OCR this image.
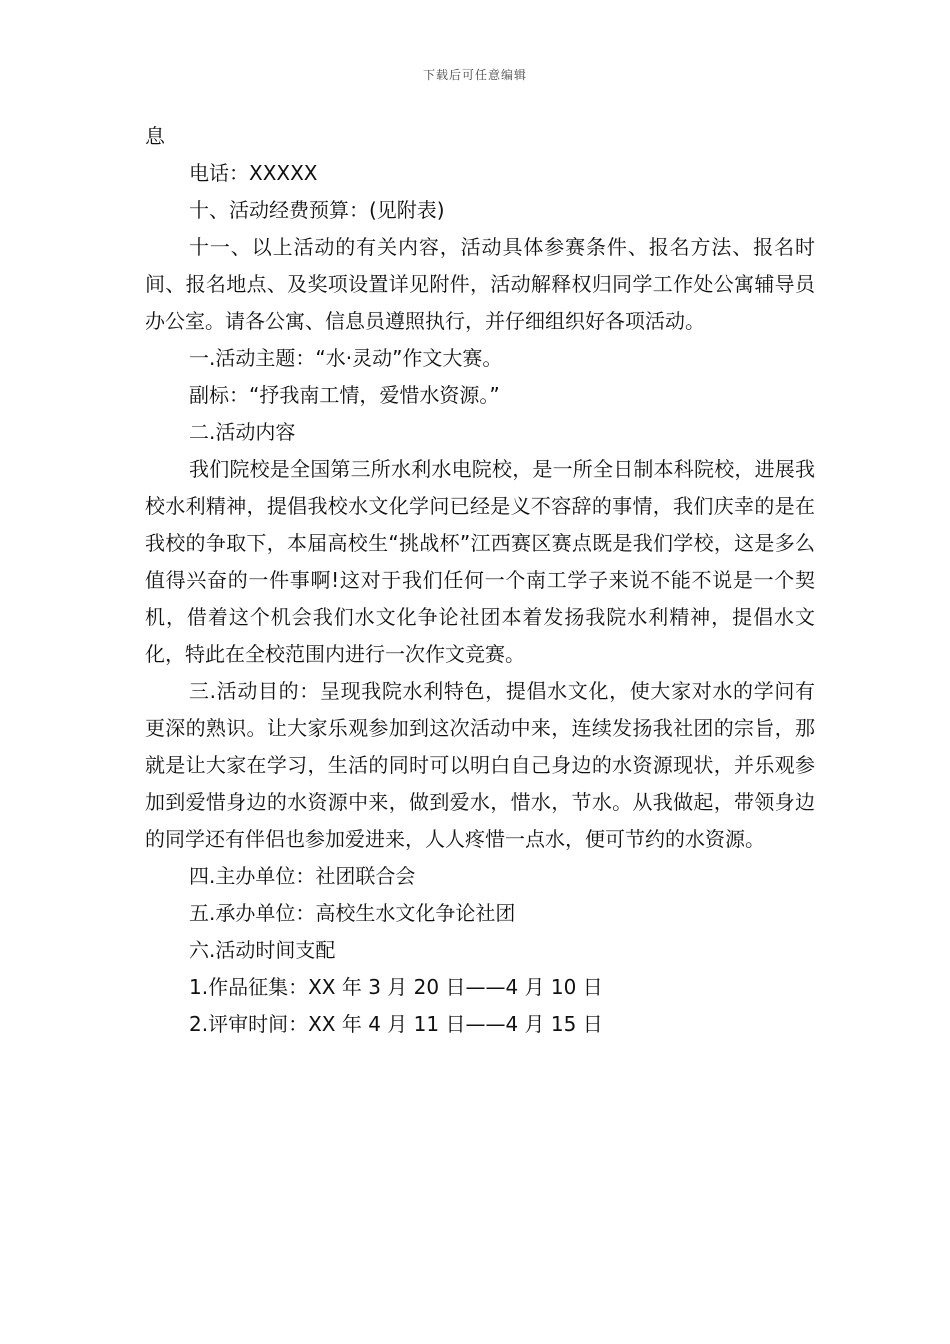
下载后可任意编辑

息

电话：XXXXX

十、活动经费预算：(见附表)

十一、以上活动的有关内容，活动具体参赛条件、报名方法、报名时间、报名地点、及奖项设置详见附件，活动解释权归同学工作处公寓辅导员办公室。请各公寓、信息员遵照执行，并仔细组织好各项活动。

一.活动主题：“水·灵动”作文大赛。

副标：“抒我南工情，爱惜水资源。”

二.活动内容

我们院校是全国第三所水利水电院校，是一所全日制本科院校，进展我校水利精神，提倡我校水文化学问已经是义不容辞的事情，我们庆幸的是在我校的争取下，本届高校生“挑战杯”江西赛区赛点既是我们学校，这是多么值得兴奋的一件事啊!这对于我们任何一个南工学子来说不能不说是一个契机，借着这个机会我们水文化争论社团本着发扬我院水利精神，提倡水文化，特此在全校范围内进行一次作文竞赛。

三.活动目的：呈现我院水利特色，提倡水文化，使大家对水的学问有更深的熟识。让大家乐观参加到这次活动中来，连续发扬我社团的宗旨，那就是让大家在学习，生活的同时可以明白自己身边的水资源现状，并乐观参加到爱惜身边的水资源中来，做到爱水，惜水，节水。从我做起，带领身边的同学还有伴侣也参加爱进来，人人疼惜一点水，便可节约的水资源。

四.主办单位：社团联合会

五.承办单位：高校生水文化争论社团

六.活动时间支配

1.作品征集：XX 年 3 月 20 日——4 月 10 日

2.评审时间：XX 年 4 月 11 日——4 月 15 日
